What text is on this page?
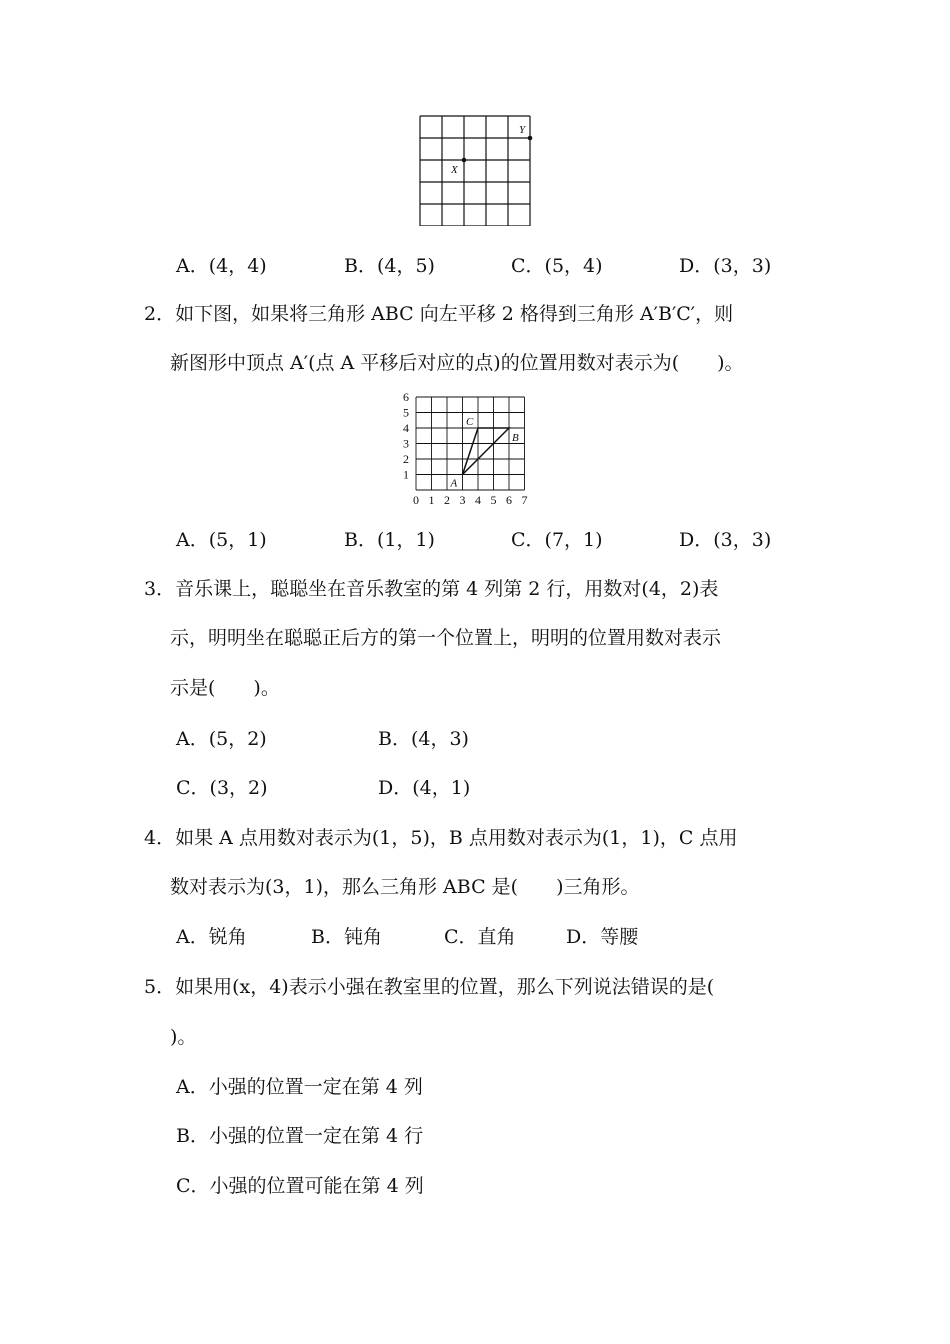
X
Y
A．(4，4)	B．(4，5)	C．(5，4)	D．(3，3)
2．如下图，如果将三角形 ABC 向左平移 2 格得到三角形 A′B′C′，则
新图形中顶点 A′(点 A 平移后对应的点)的位置用数对表示为(　　)。
0 1 2 3 4 5 6 7
1
2
3
4
5
6
A
B
C
A．(5，1)	B．(1，1)	C．(7，1)	D．(3，3)
3．音乐课上，聪聪坐在音乐教室的第 4 列第 2 行，用数对(4，2)表
示，明明坐在聪聪正后方的第一个位置上，明明的位置用数对表示
示是(　　)。
A．(5，2)	B．(4，3)
C．(3，2)	D．(4，1)
4．如果 A 点用数对表示为(1，5)，B 点用数对表示为(1，1)，C 点用
数对表示为(3，1)，那么三角形 ABC 是(　　)三角形。
A．锐角	B．钝角	C．直角	D．等腰
5．如果用(x，4)表示小强在教室里的位置，那么下列说法错误的是(
)。
A．小强的位置一定在第 4 列
B．小强的位置一定在第 4 行
C．小强的位置可能在第 4 列
